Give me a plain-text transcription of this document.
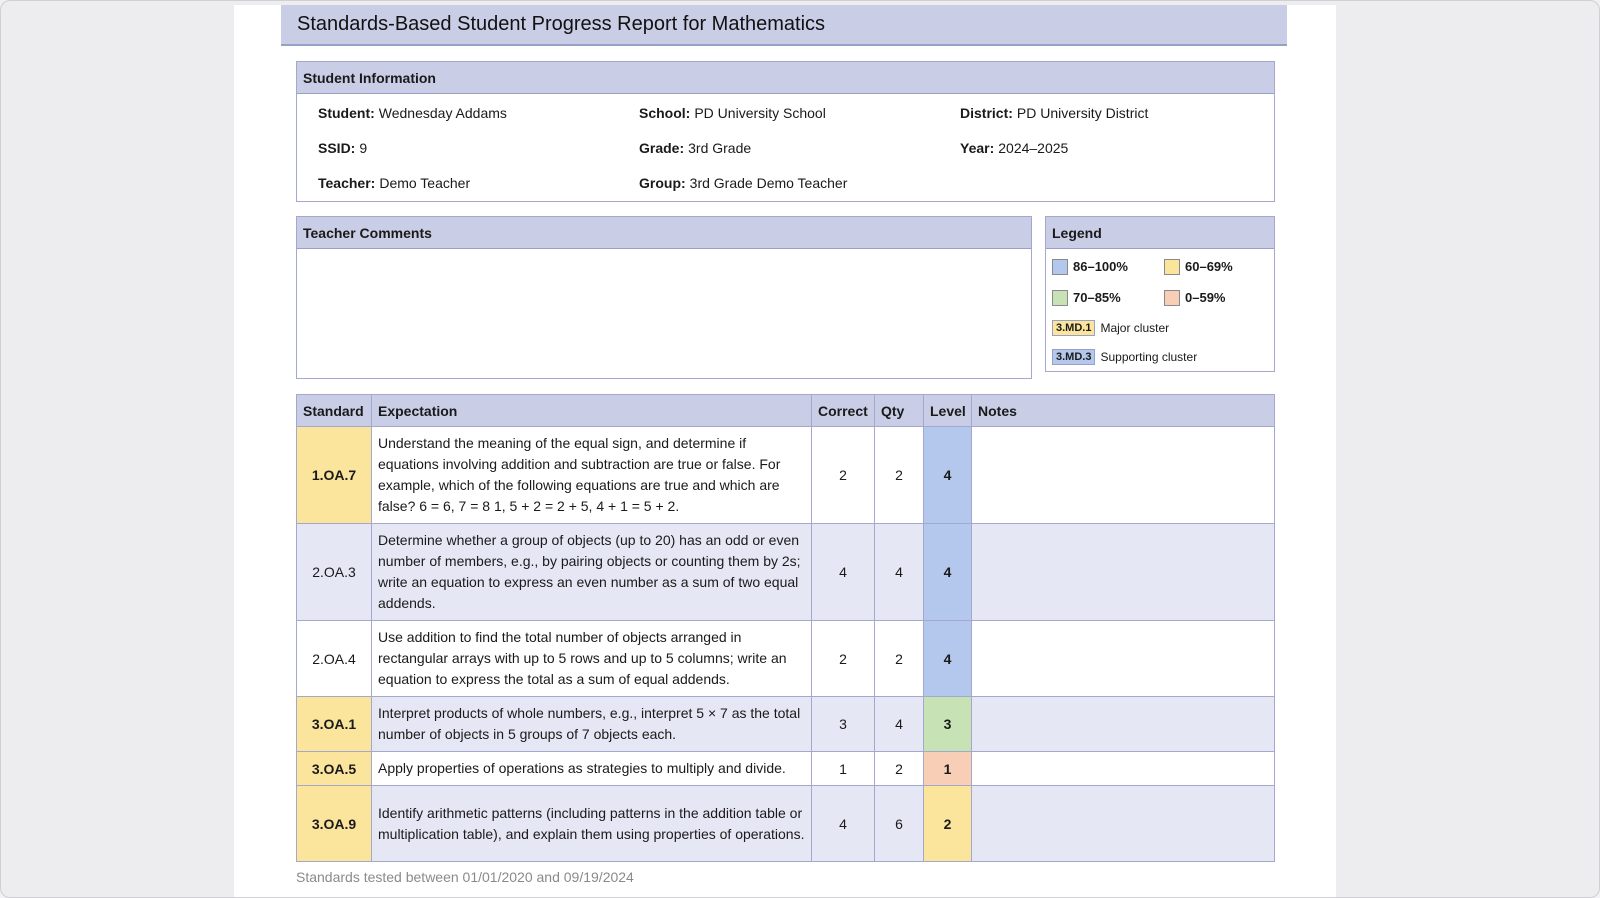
Standards-Based Student Progress Report for Mathematics
Student Information
Student: Wednesday Addams	School: PD University School	District: PD University District
SSID: 9	Grade: 3rd Grade	Year: 2024–2025
Teacher: Demo Teacher	Group: 3rd Grade Demo Teacher
Teacher Comments	Legend
86–100%	60–69%
70–85%	0–59%
3.MD.1 Major cluster
3.MD.3 Supporting cluster
Standard	Expectation	Correct	Qty	Level	Notes
1.OA.7	Understand the meaning of the equal sign, and determine if equations involving addition and subtraction are true or false. For example, which of the following equations are true and which are false? 6 = 6, 7 = 8 1, 5 + 2 = 2 + 5, 4 + 1 = 5 + 2.	2	2	4	
2.OA.3	Determine whether a group of objects (up to 20) has an odd or even number of members, e.g., by pairing objects or counting them by 2s; write an equation to express an even number as a sum of two equal addends.	4	4	4	
2.OA.4	Use addition to find the total number of objects arranged in rectangular arrays with up to 5 rows and up to 5 columns; write an equation to express the total as a sum of equal addends.	2	2	4	
3.OA.1	Interpret products of whole numbers, e.g., interpret 5 × 7 as the total number of objects in 5 groups of 7 objects each.	3	4	3	
3.OA.5	Apply properties of operations as strategies to multiply and divide.	1	2	1	
3.OA.9	Identify arithmetic patterns (including patterns in the addition table or multiplication table), and explain them using properties of operations.	4	6	2	
Standards tested between 01/01/2020 and 09/19/2024
